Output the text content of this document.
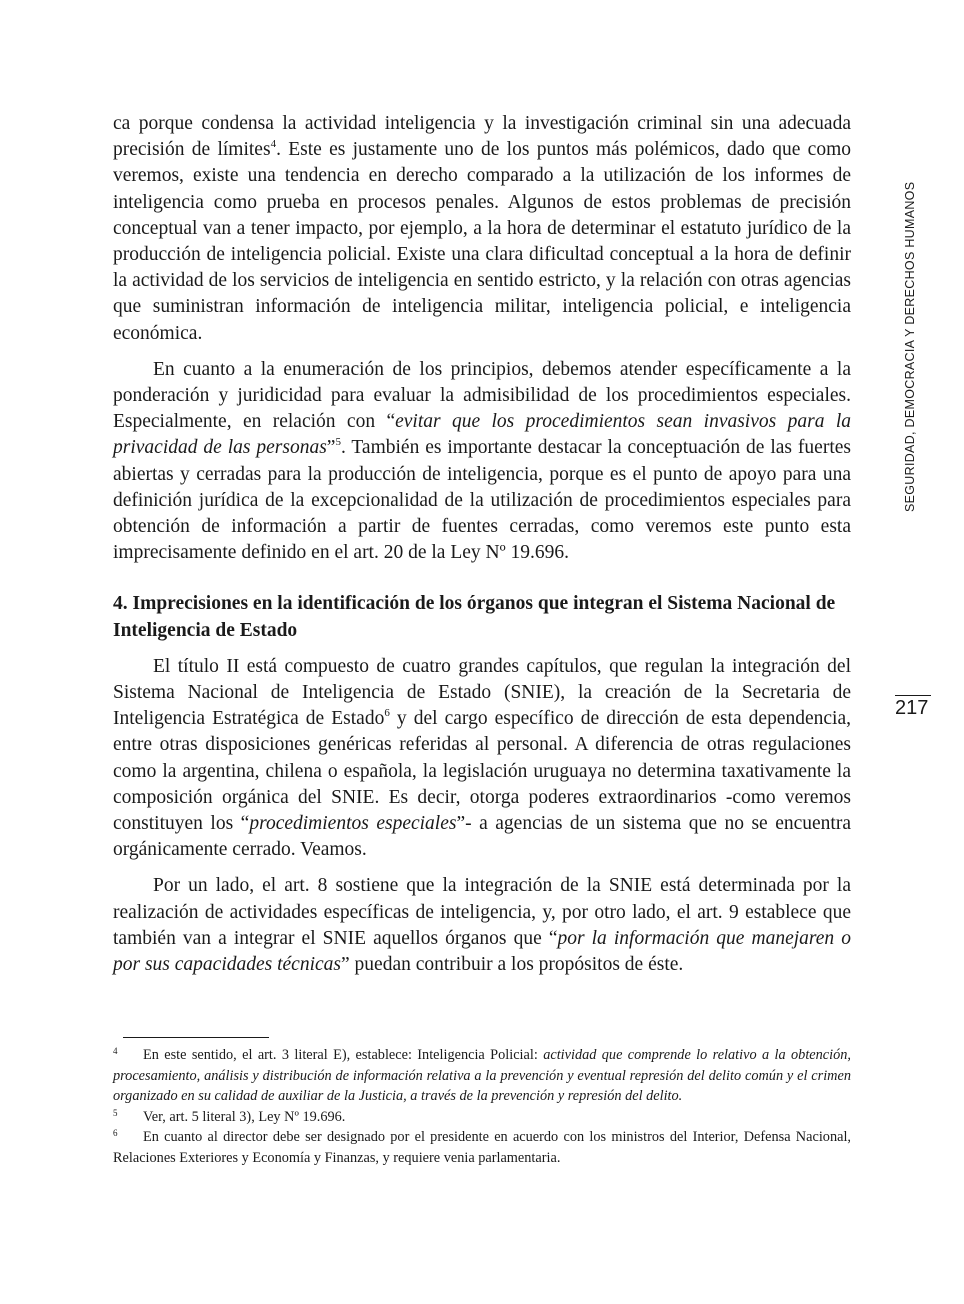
SEGURIDAD, DEMOCRACIA Y DERECHOS HUMANOS
217

ca porque condensa la actividad inteligencia y la investigación criminal sin una adecuada precisión de límites$^4$. Este es justamente uno de los puntos más polémicos, dado que como veremos, existe una tendencia en derecho comparado a la utilización de los informes de inteligencia como prueba en procesos penales. Algunos de estos problemas de precisión conceptual van a tener impacto, por ejemplo, a la hora de determinar el estatuto jurídico de la producción de inteligencia policial. Existe una clara dificultad conceptual a la hora de definir la actividad de los servicios de inteligencia en sentido estricto, y la relación con otras agencias que suministran información de inteligencia militar, inteligencia policial, e inteligencia económica.

En cuanto a la enumeración de los principios, debemos atender específicamente a la ponderación y juridicidad para evaluar la admisibilidad de los procedimientos especiales. Especialmente, en relación con “evitar que los procedimientos sean invasivos para la privacidad de las personas”$^5$. También es importante destacar la conceptuación de las fuertes abiertas y cerradas para la producción de inteligencia, porque es el punto de apoyo para una definición jurídica de la excepcionalidad de la utilización de procedimientos especiales para obtención de información a partir de fuentes cerradas, como veremos este punto esta imprecisamente definido en el art. 20 de la Ley Nº 19.696.

4. Imprecisiones en la identificación de los órganos que integran el Sistema Nacional de Inteligencia de Estado

El título II está compuesto de cuatro grandes capítulos, que regulan la integración del Sistema Nacional de Inteligencia de Estado (SNIE), la creación de la Secretaria de Inteligencia Estratégica de Estado$^6$ y del cargo específico de dirección de esta dependencia, entre otras disposiciones genéricas referidas al personal. A diferencia de otras regulaciones como la argentina, chilena o española, la legislación uruguaya no determina taxativamente la composición orgánica del SNIE. Es decir, otorga poderes extraordinarios -como veremos constituyen los “procedimientos especiales”- a agencias de un sistema que no se encuentra orgánicamente cerrado. Veamos.

Por un lado, el art. 8 sostiene que la integración de la SNIE está determinada por la realización de actividades específicas de inteligencia, y, por otro lado, el art. 9 establece que también van a integrar el SNIE aquellos órganos que “por la información que manejaren o por sus capacidades técnicas” puedan contribuir a los propósitos de éste.

4 En este sentido, el art. 3 literal E), establece: Inteligencia Policial: actividad que comprende lo relativo a la obtención, procesamiento, análisis y distribución de información relativa a la prevención y eventual represión del delito común y el crimen organizado en su calidad de auxiliar de la Justicia, a través de la prevención y represión del delito.

5 Ver, art. 5 literal 3), Ley Nº 19.696.

6 En cuanto al director debe ser designado por el presidente en acuerdo con los ministros del Interior, Defensa Nacional, Relaciones Exteriores y Economía y Finanzas, y requiere venia parlamentaria.
